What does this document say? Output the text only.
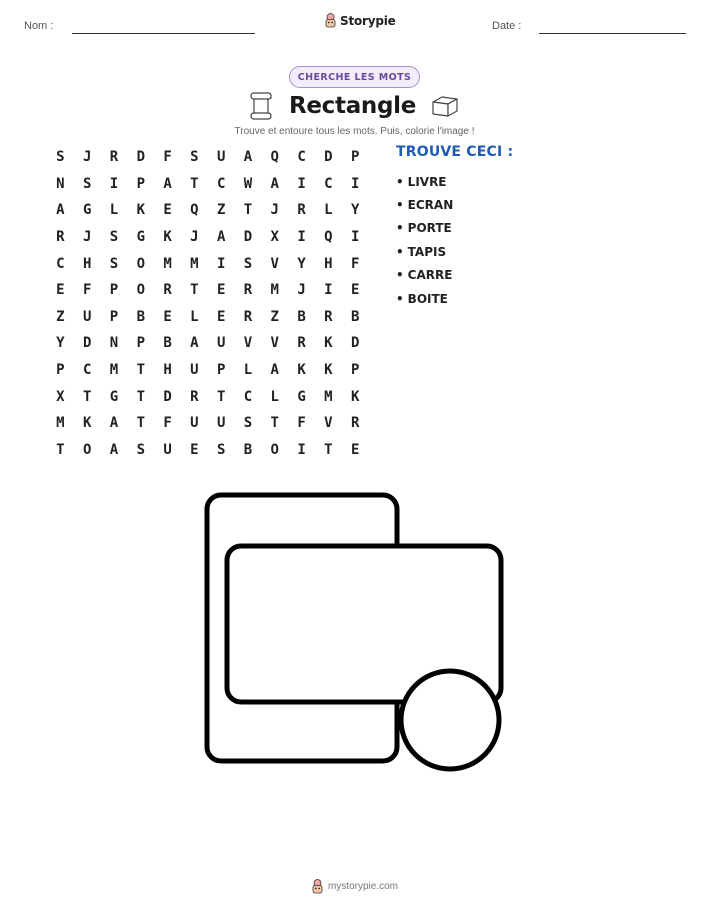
Nom :	Storypie	Date :
CHERCHE LES MOTS
Rectangle
Trouve et entoure tous les mots. Puis, colorie l'image !
S	J	R	D	F	S	U	A	Q	C	D	P
N	S	I	P	A	T	C	W	A	I	C	I
A	G	L	K	E	Q	Z	T	J	R	L	Y
R	J	S	G	K	J	A	D	X	I	Q	I
C	H	S	O	M	M	I	S	V	Y	H	F
E	F	P	O	R	T	E	R	M	J	I	E
Z	U	P	B	E	L	E	R	Z	B	R	B
Y	D	N	P	B	A	U	V	V	R	K	D
P	C	M	T	H	U	P	L	A	K	K	P
X	T	G	T	D	R	T	C	L	G	M	K
M	K	A	T	F	U	U	S	T	F	V	R
T	O	A	S	U	E	S	B	O	I	T	E
TROUVE CECI :
• LIVRE
• ECRAN
• PORTE
• TAPIS
• CARRE
• BOITE
mystorypie.com
